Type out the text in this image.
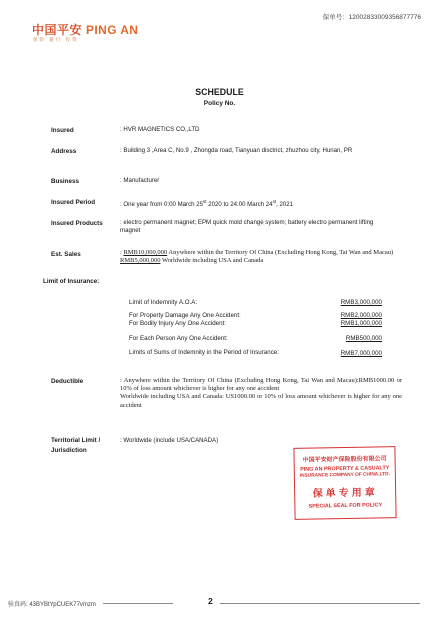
保单号：12002833009356877776
中国平安 PING AN
保险 银行 投资
SCHEDULE
Policy No.
Insured	: HVR MAGNETICS CO.,LTD
Address	: Building 3 ,Area C, No.9 , Zhongda road, Tianyuan disctrict, zhuzhou city, Hunan, PR
Business	: Manufacturer
Insured Period	: One year from 0:00 March 25st 2020 to 24:00 March 24st, 2021
Insured Products	: electro permanent magnet; EPM quick mold change system; battery electro permanent lifting magnet
Est. Sales	: RMB10,000,000 Anywhere within the Territory Of China (Excluding Hong Kong, Tai Wan and Macau)
RMB5,000,000 Worldwide including USA and Canada
Limit of Insurance:
Limit of Indemnity A.O.A:	RMB3,000,000
For Property Damage Any One Accident:	RMB2,000,000
For Bodily Injury Any One Accident:	RMB1,000,000
For Each Person Any One Accident:	RMB500,000
Limits of Sums of Indemnity in the Period of Insurance:	RMB7,000,000
Deductible	: Anywhere within the Territory Of China (Excluding Hong Kong, Tai Wan and Macau):RMB1000.00 or 10% of loss amount whichever is higher for any one accident
Worldwide including USA and Canada: US1000.00 or 10% of loss amount whichever is higher for any one accident
Territorial Limit /
Jurisdiction
: Worldwide (include USA/CANADA)
中国平安财产保险股份有限公司
PING AN PROPERTY & CASUALTY
INSURANCE COMPANY OF CHINA,LTD.
保单专用章
SPECIAL SEAL FOR POLICY
验真码: 43BYBtYpCUEK77vmzm	2
